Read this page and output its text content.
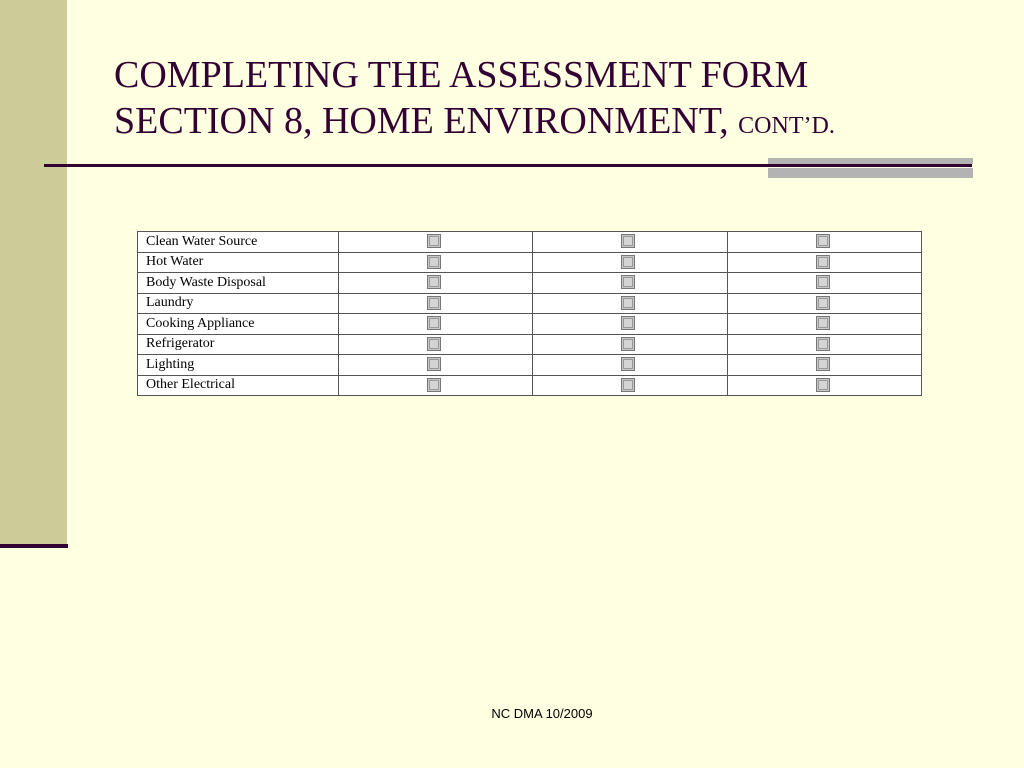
COMPLETING THE ASSESSMENT FORM
SECTION 8, HOME ENVIRONMENT, CONT’D.
Clean Water Source	

Hot Water	

Body Waste Disposal	

Laundry	

Cooking Appliance	

Refrigerator	

Lighting	

Other Electrical	

NC DMA 10/2009
